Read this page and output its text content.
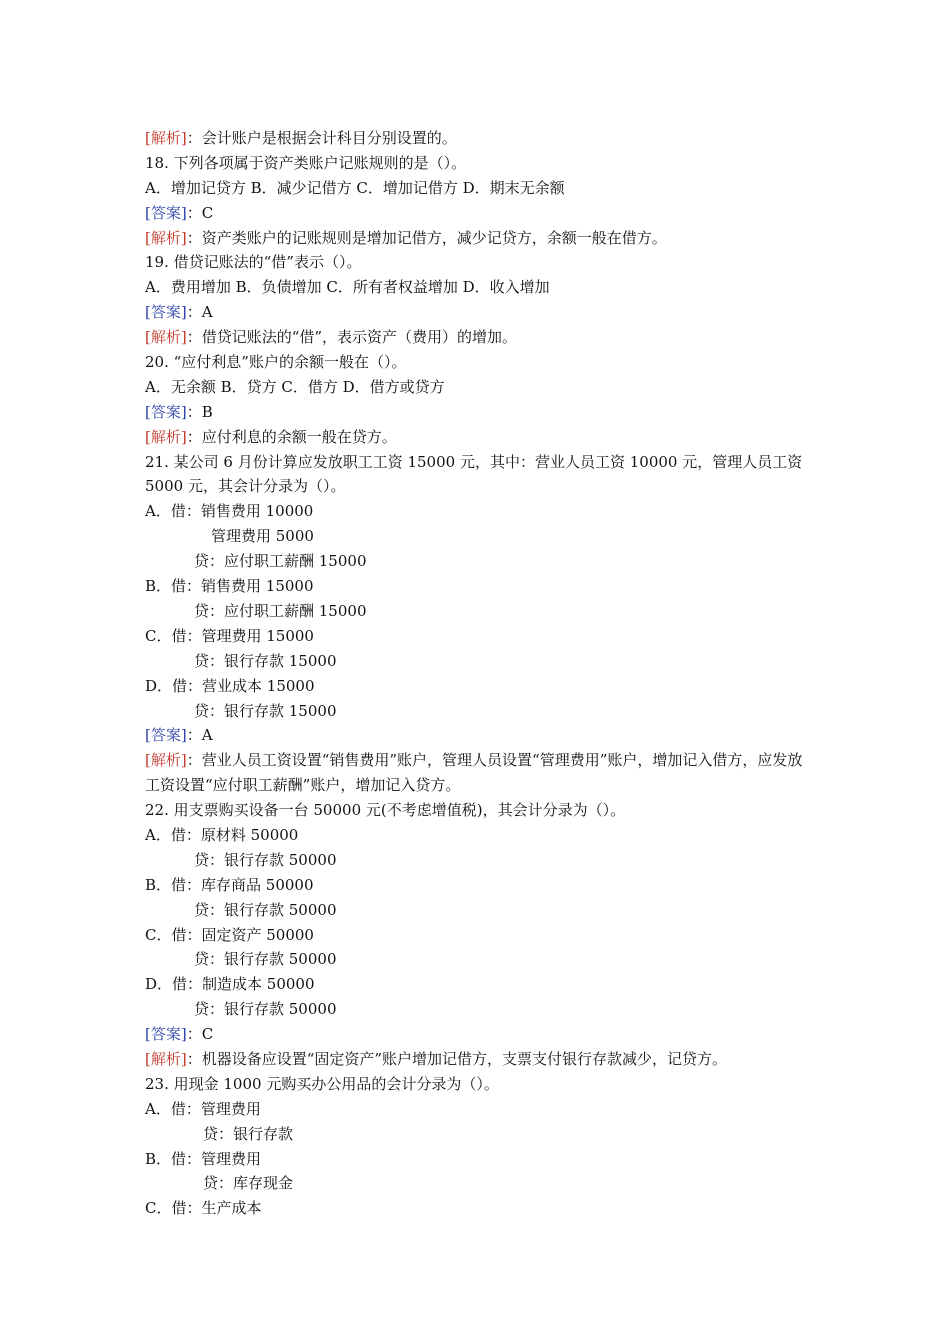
[解析]：会计账户是根据会计科目分别设置的。
18. 下列各项属于资产类账户记账规则的是（）。
A．增加记贷方 B．减少记借方 C．增加记借方 D．期末无余额
[答案]：C
[解析]：资产类账户的记账规则是增加记借方，减少记贷方，余额一般在借方。
19. 借贷记账法的“借”表示（）。
A．费用增加 B．负债增加 C．所有者权益增加 D．收入增加
[答案]：A
[解析]：借贷记账法的“借”，表示资产（费用）的增加。
20. “应付利息”账户的余额一般在（）。
A．无余额 B．贷方 C．借方 D．借方或贷方
[答案]：B
[解析]：应付利息的余额一般在贷方。
21. 某公司 6 月份计算应发放职工工资 15000 元，其中：营业人员工资 10000 元，管理人员工资 5000 元，其会计分录为（）。
A．借：销售费用 10000
管理费用 5000
贷：应付职工薪酬 15000
B．借：销售费用 15000
贷：应付职工薪酬 15000
C．借：管理费用 15000
贷：银行存款 15000
D．借：营业成本 15000
贷：银行存款 15000
[答案]：A
[解析]：营业人员工资设置“销售费用”账户，管理人员设置“管理费用”账户，增加记入借方，应发放工资设置“应付职工薪酬”账户，增加记入贷方。
22. 用支票购买设备一台 50000 元(不考虑增值税)，其会计分录为（）。
A．借：原材料 50000
贷：银行存款 50000
B．借：库存商品 50000
贷：银行存款 50000
C．借：固定资产 50000
贷：银行存款 50000
D．借：制造成本 50000
贷：银行存款 50000
[答案]：C
[解析]：机器设备应设置“固定资产”账户增加记借方，支票支付银行存款减少，记贷方。
23. 用现金 1000 元购买办公用品的会计分录为（）。
A．借：管理费用
贷：银行存款
B．借：管理费用
贷：库存现金
C．借：生产成本
